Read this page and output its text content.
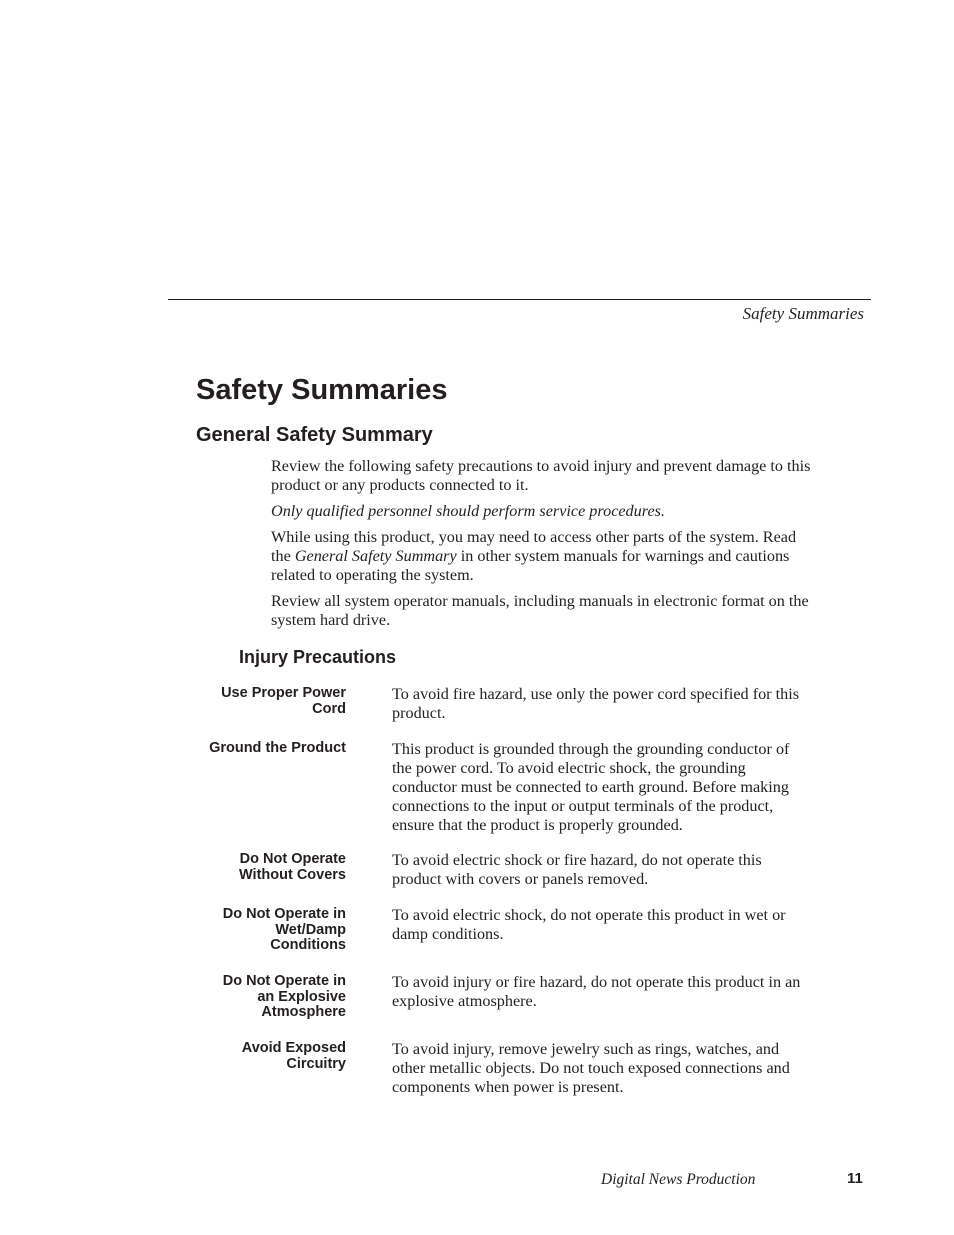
Safety Summaries
Safety Summaries
General Safety Summary

Review the following safety precautions to avoid injury and prevent damage to this product or any products connected to it.

Only qualified personnel should perform service procedures.

While using this product, you may need to access other parts of the system. Read the General Safety Summary in other system manuals for warnings and cautions related to operating the system.

Review all system operator manuals, including manuals in electronic format on the system hard drive.

Injury Precautions
Use Proper Power
Cord
To avoid fire hazard, use only the power cord specified for this product.
Ground the Product	This product is grounded through the grounding conductor of the power cord. To avoid electric shock, the grounding conductor must be connected to earth ground. Before making connections to the input or output terminals of the product, ensure that the product is properly grounded.
Do Not Operate
Without Covers
To avoid electric shock or fire hazard, do not operate this product with covers or panels removed.
Do Not Operate in
Wet/Damp
Conditions
To avoid electric shock, do not operate this product in wet or damp conditions.
Do Not Operate in
an Explosive
Atmosphere
To avoid injury or fire hazard, do not operate this product in an explosive atmosphere.
Avoid Exposed
Circuitry
To avoid injury, remove jewelry such as rings, watches, and other metallic objects. Do not touch exposed connections and components when power is present.
Digital News Production	11
